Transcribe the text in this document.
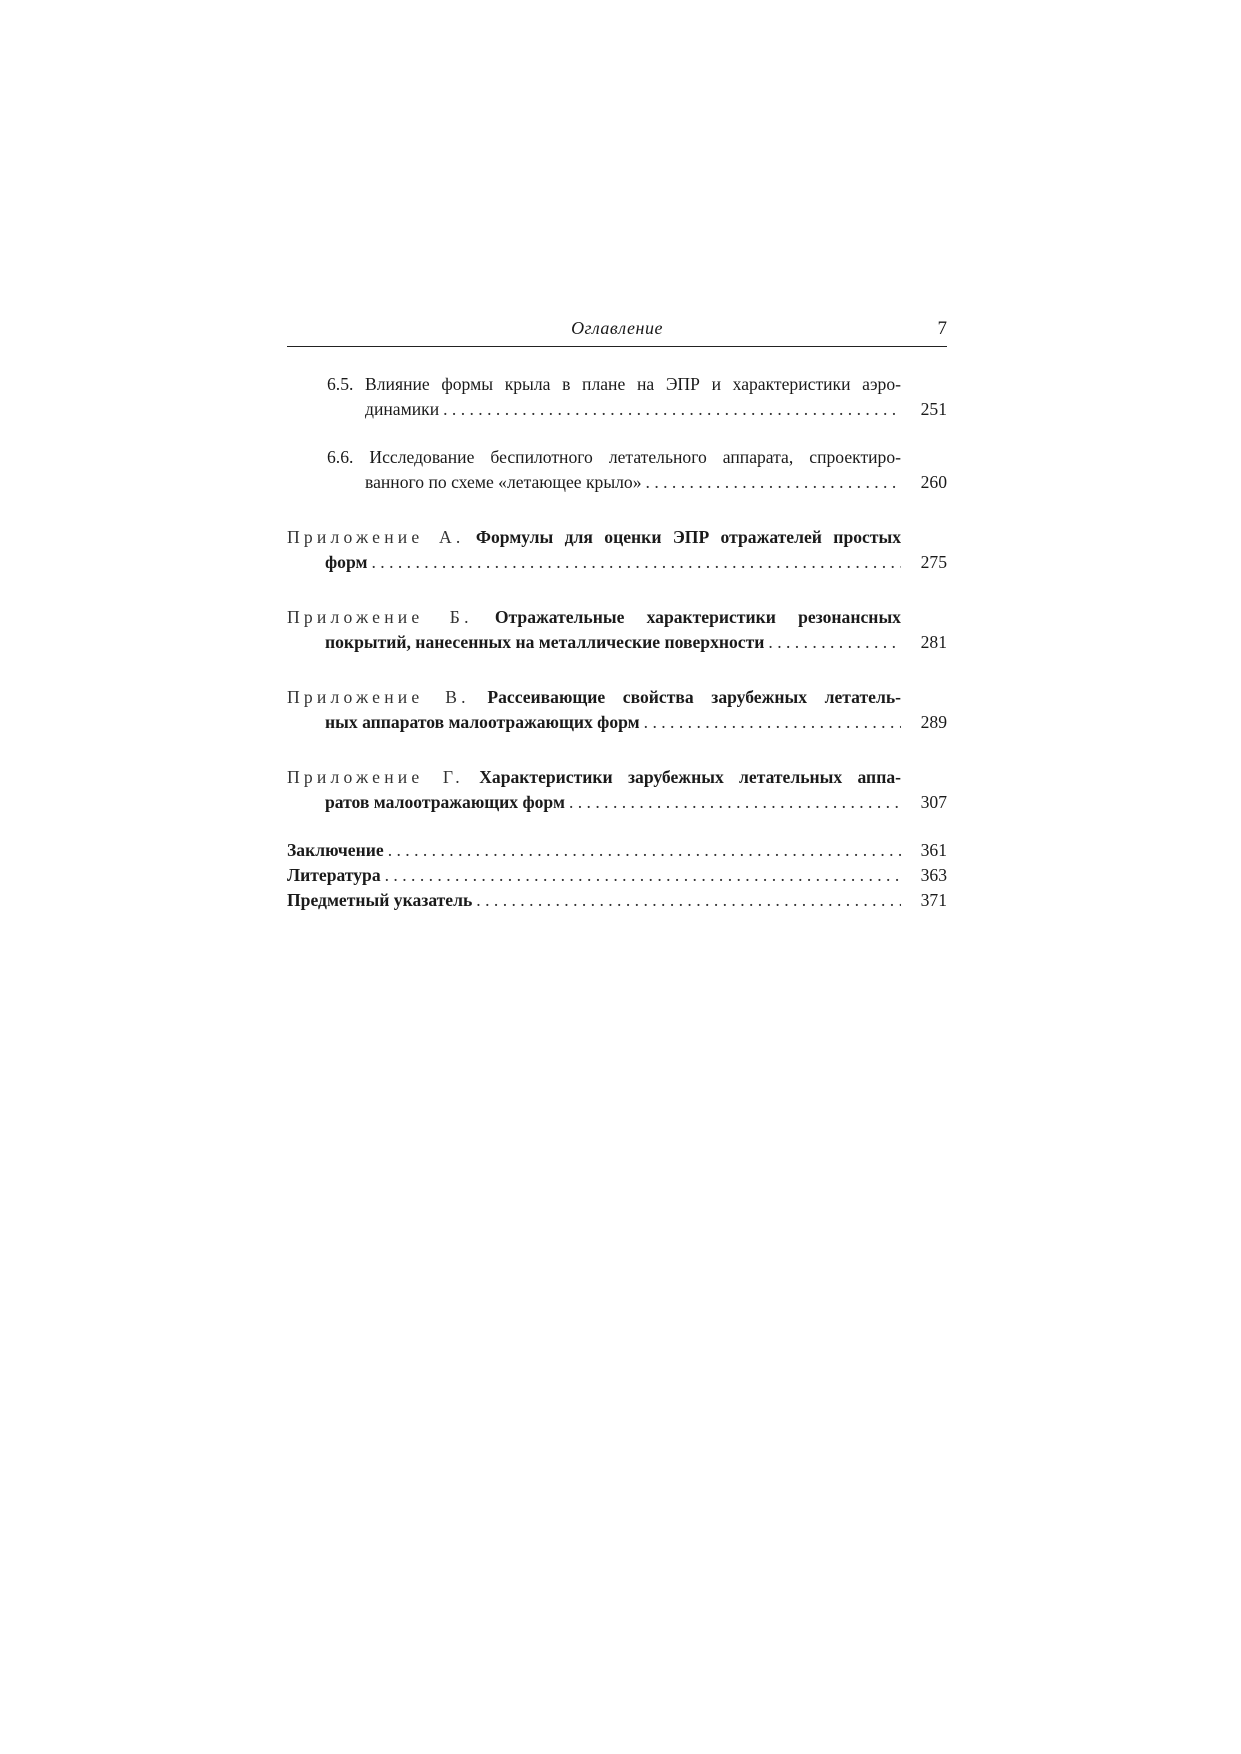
Оглавление	7
6.5. Влияние формы крыла в плане на ЭПР и характеристики аэро-
динамики . . .	251
6.6. Исследование беспилотного летательного аппарата, спроектиро-
ванного по схеме «летающее крыло» . . .	260
Приложение А. Формулы для оценки ЭПР отражателей простых
форм . . .	275
Приложение Б. Отражательные характеристики резонансных
покрытий, нанесенных на металлические поверхности . . .	281
Приложение В. Рассеивающие свойства зарубежных летатель-
ных аппаратов малоотражающих форм . . .	289
Приложение Г. Характеристики зарубежных летательных аппа-
ратов малоотражающих форм . . .	307
Заключение . . .	361
Литература . . .	363
Предметный указатель . . .	371
